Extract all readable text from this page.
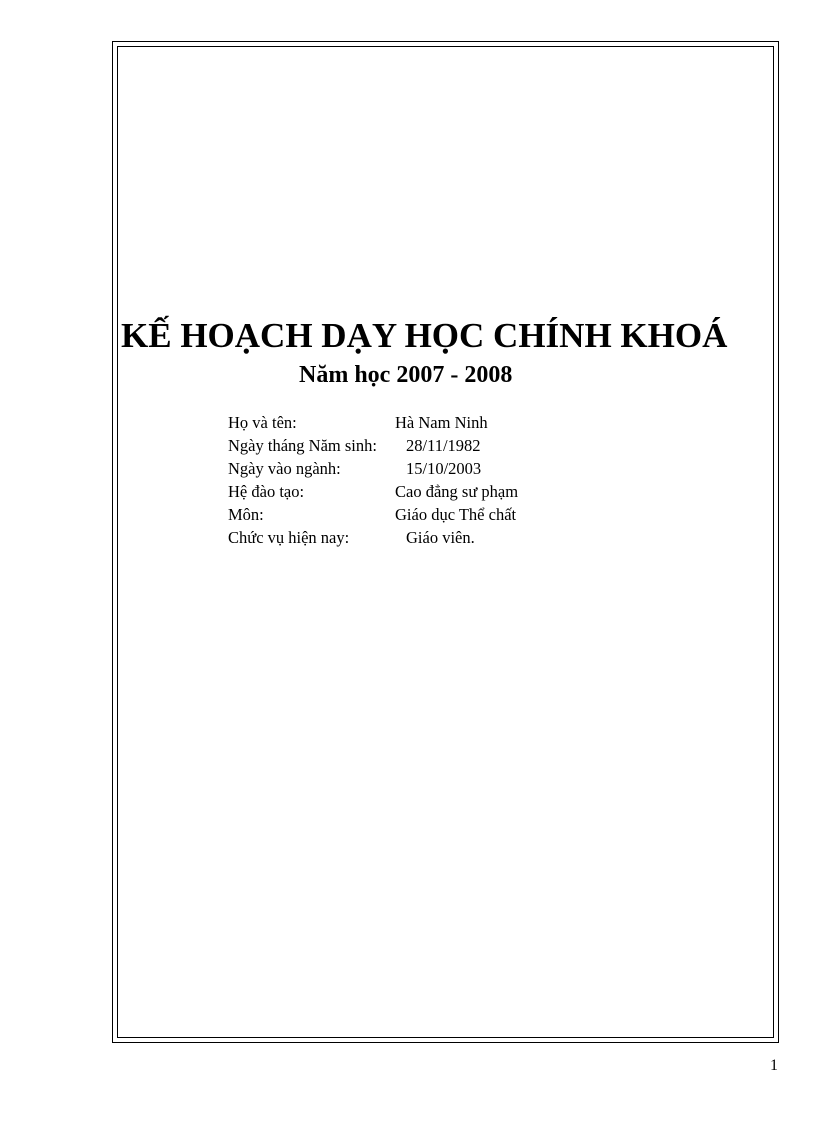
KẾ HOẠCH DẠY HỌC CHÍNH KHOÁ
Năm học 2007 - 2008
Họ và tên:	Hà Nam Ninh
Ngày tháng Năm sinh: 28/11/1982
Ngày vào ngành:	15/10/2003
Hệ đào tạo:	Cao đẳng sư phạm
Môn:	Giáo dục Thể chất
Chức vụ hiện nay:	Giáo viên.
1
